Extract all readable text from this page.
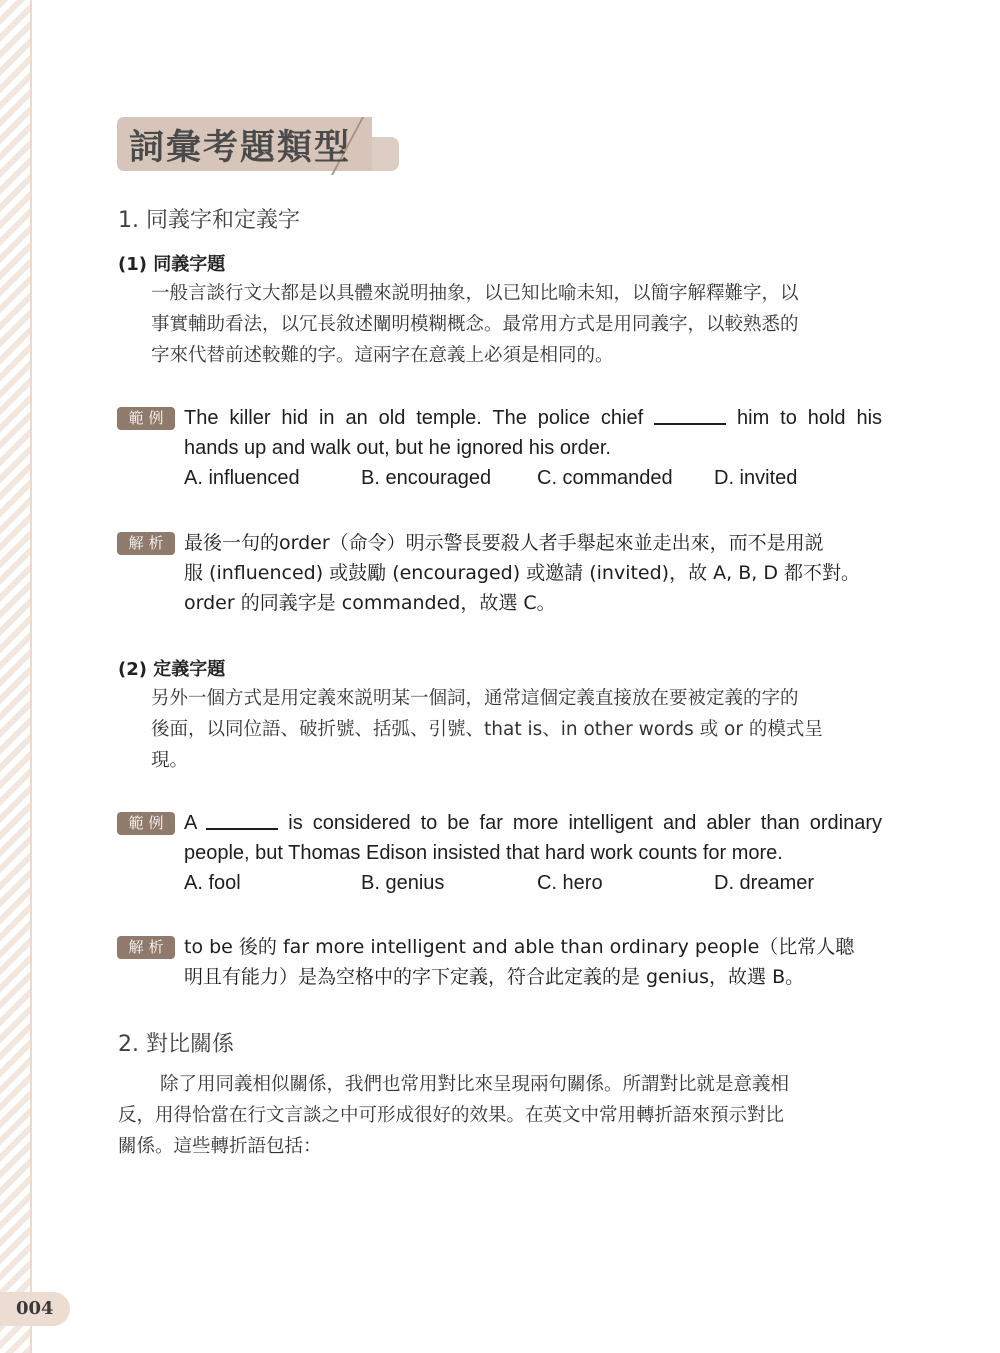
詞彙考題類型
1. 同義字和定義字
(1) 同義字題

一般言談行文大都是以具體來説明抽象，以已知比喻未知，以簡字解釋難字，以

事實輔助看法，以冗長敘述闡明模糊概念。最常用方式是用同義字，以較熟悉的

字來代替前述較難的字。這兩字在意義上必須是相同的。

範例 The killer hid in an old temple. The police chief	him to hold his

hands up and walk out, but he ignored his order.

A. influenced	B. encouraged C. commanded D. invited
解析 最後一句的order（命令）明示警長要殺人者手舉起來並走出來，而不是用説

服 (influenced) 或鼓勵 (encouraged) 或邀請 (invited)，故 A, B, D 都不對。

order 的同義字是 commanded，故選 C。

(2) 定義字題

另外一個方式是用定義來説明某一個詞，通常這個定義直接放在要被定義的字的

後面，以同位語、破折號、括弧、引號、that is、in other words 或 or 的模式呈

現。

範例 A	is considered to be far more intelligent and abler than ordinary

people, but Thomas Edison insisted that hard work counts for more.

A. fool	B. genius	C. hero	D. dreamer
解析 to be 後的 far more intelligent and able than ordinary people（比常人聰

明且有能力）是為空格中的字下定義，符合此定義的是 genius，故選 B。

2. 對比關係

除了用同義相似關係，我們也常用對比來呈現兩句關係。所謂對比就是意義相

反，用得恰當在行文言談之中可形成很好的效果。在英文中常用轉折語來預示對比

關係。這些轉折語包括：

004
